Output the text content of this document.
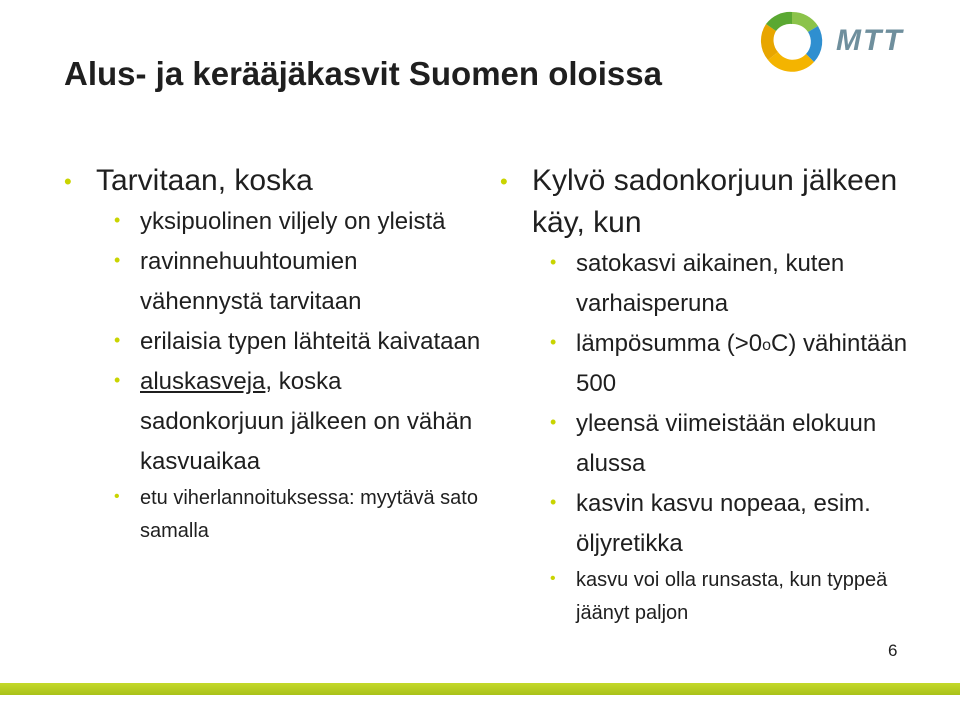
Alus- ja kerääjäkasvit Suomen oloissa
MTT

• Tarvitaan, koska

• yksipuolinen viljely on yleistä

• ravinnehuuhtoumien vähennystä tarvitaan

• erilaisia typen lähteitä kaivataan

• aluskasveja, koska sadonkorjuun jälkeen on vähän kasvuaikaa

• etu viherlannoituksessa: myytävä sato samalla

• Kylvö sadonkorjuun jälkeen käy, kun

• satokasvi aikainen, kuten varhaisperuna

• lämpösumma $(>0^oC)$ vähintään 500

• yleensä viimeistään elokuun alussa

• kasvin kasvu nopeaa, esim. öljyretikka

• kasvu voi olla runsasta, kun typpeä jäänyt paljon

6
